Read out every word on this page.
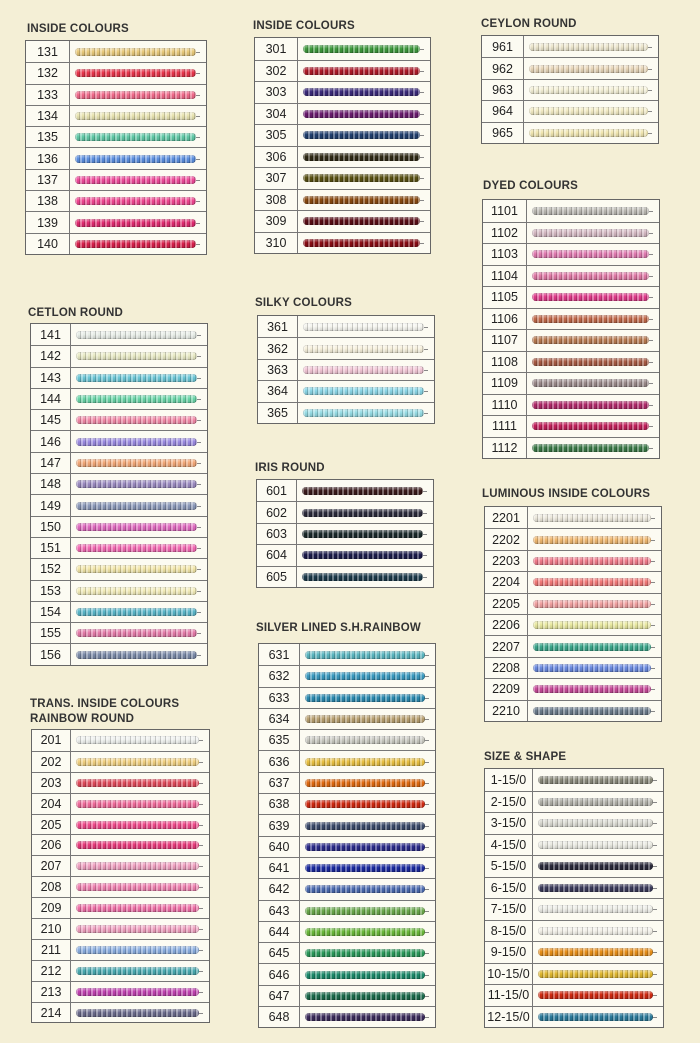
INSIDE COLOURS
131
132
133
134
135
136
137
138
139
140
INSIDE COLOURS
301
302
303
304
305
306
307
308
309
310
CEYLON ROUND
961
962
963
964
965
DYED COLOURS
1101
1102
1103
1104
1105
1106
1107
1108
1109
1110
1111
1112
CETLON ROUND
141
142
143
144
145
146
147
148
149
150
151
152
153
154
155
156
SILKY COLOURS
361
362
363
364
365
IRIS ROUND
601
602
603
604
605
LUMINOUS INSIDE COLOURS
2201
2202
2203
2204
2205
2206
2207
2208
2209
2210
SILVER LINED S.H.RAINBOW
631
632
633
634
635
636
637
638
639
640
641
642
643
644
645
646
647
648
TRANS. INSIDE COLOURS
RAINBOW ROUND
201
202
203
204
205
206
207
208
209
210
211
212
213
214
SIZE & SHAPE
1-15/0
2-15/0
3-15/0
4-15/0
5-15/0
6-15/0
7-15/0
8-15/0
9-15/0
10-15/0
11-15/0
12-15/0
